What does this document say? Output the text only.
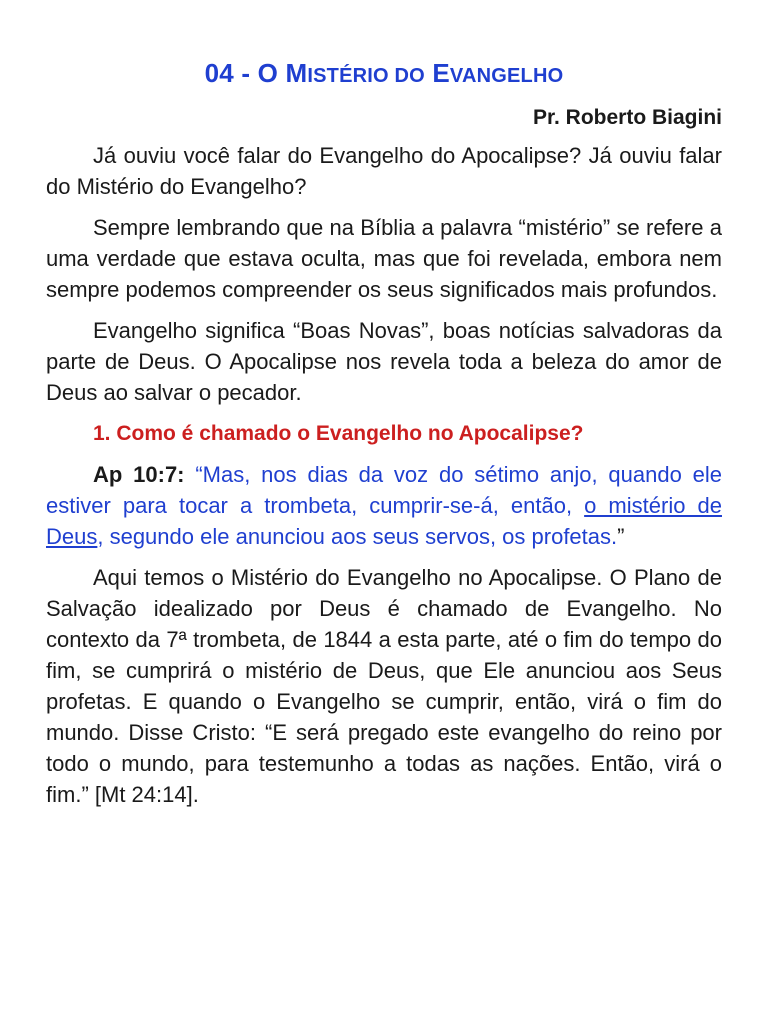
04 - O MISTÉRIO DO EVANGELHO
Pr. Roberto Biagini

Já ouviu você falar do Evangelho do Apocalipse? Já ouviu falar do Mistério do Evangelho?

Sempre lembrando que na Bíblia a palavra “mistério” se refere a uma verdade que estava oculta, mas que foi revelada, embora nem sempre podemos compreender os seus significados mais profundos.

Evangelho significa “Boas Novas”, boas notícias salvadoras da parte de Deus. O Apocalipse nos revela toda a beleza do amor de Deus ao salvar o pecador.

1. Como é chamado o Evangelho no Apocalipse?

Ap 10:7: “Mas, nos dias da voz do sétimo anjo, quando ele estiver para tocar a trombeta, cumprir-se-á, então, o mistério de Deus, segundo ele anunciou aos seus servos, os profetas.”

Aqui temos o Mistério do Evangelho no Apocalipse. O Plano de Salvação idealizado por Deus é chamado de Evangelho. No contexto da 7ª trombeta, de 1844 a esta parte, até o fim do tempo do fim, se cumprirá o mistério de Deus, que Ele anunciou aos Seus profetas. E quando o Evangelho se cumprir, então, virá o fim do mundo. Disse Cristo: “E será pregado este evangelho do reino por todo o mundo, para testemunho a todas as nações. Então, virá o fim.” [Mt 24:14].
